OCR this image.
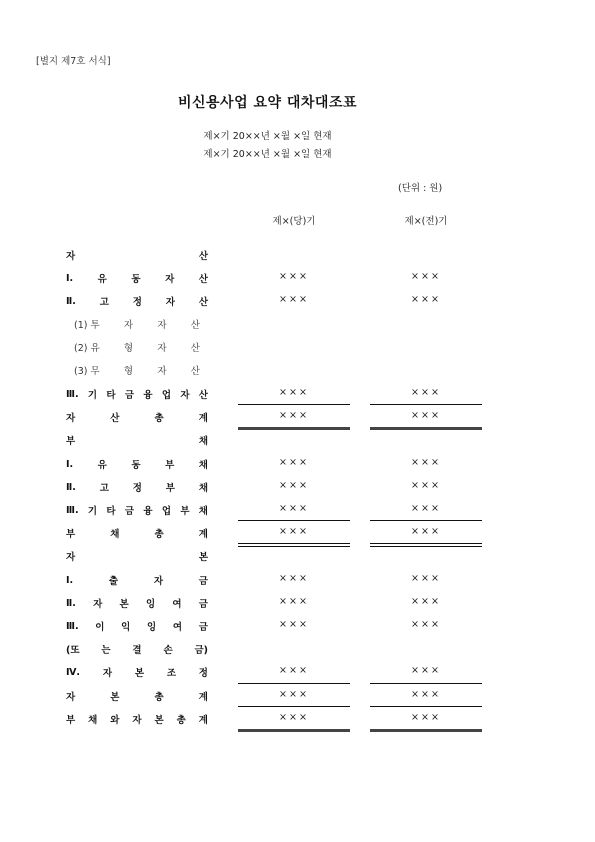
[별지 제7호 서식]
비신용사업 요약 대차대조표
제×기 20××년 ×월 ×일 현재
제×기 20××년 ×월 ×일 현재
(단위 : 원)
제×(당)기	제×(전)기
자	산
Ⅰ.	유	동	자	산	×××	×××
Ⅱ.	고	정	자	산	×××	×××
(1) 투	자	자	산
(2) 유	형	자	산
(3) 무	형	자	산
Ⅲ. 기 타 금 융 업 자 산	×××	×××
자	산	총	계	×××	×××
부	채
Ⅰ.	유	동	부	채	×××	×××
Ⅱ.	고	정	부	채	×××	×××
Ⅲ. 기 타 금 융 업 부 채	×××	×××
부	채	총	계	×××	×××
자	본
Ⅰ.	출	자	금	×××	×××
Ⅱ. 자 본 잉 여 금	×××	×××
Ⅲ. 이 익 잉 여 금	×××	×××
(또 는 결 손 금)
Ⅳ. 자 본 조 정	×××	×××
자	본	총	계	×××	×××
부 채 와 자 본 총 계	×××	×××
